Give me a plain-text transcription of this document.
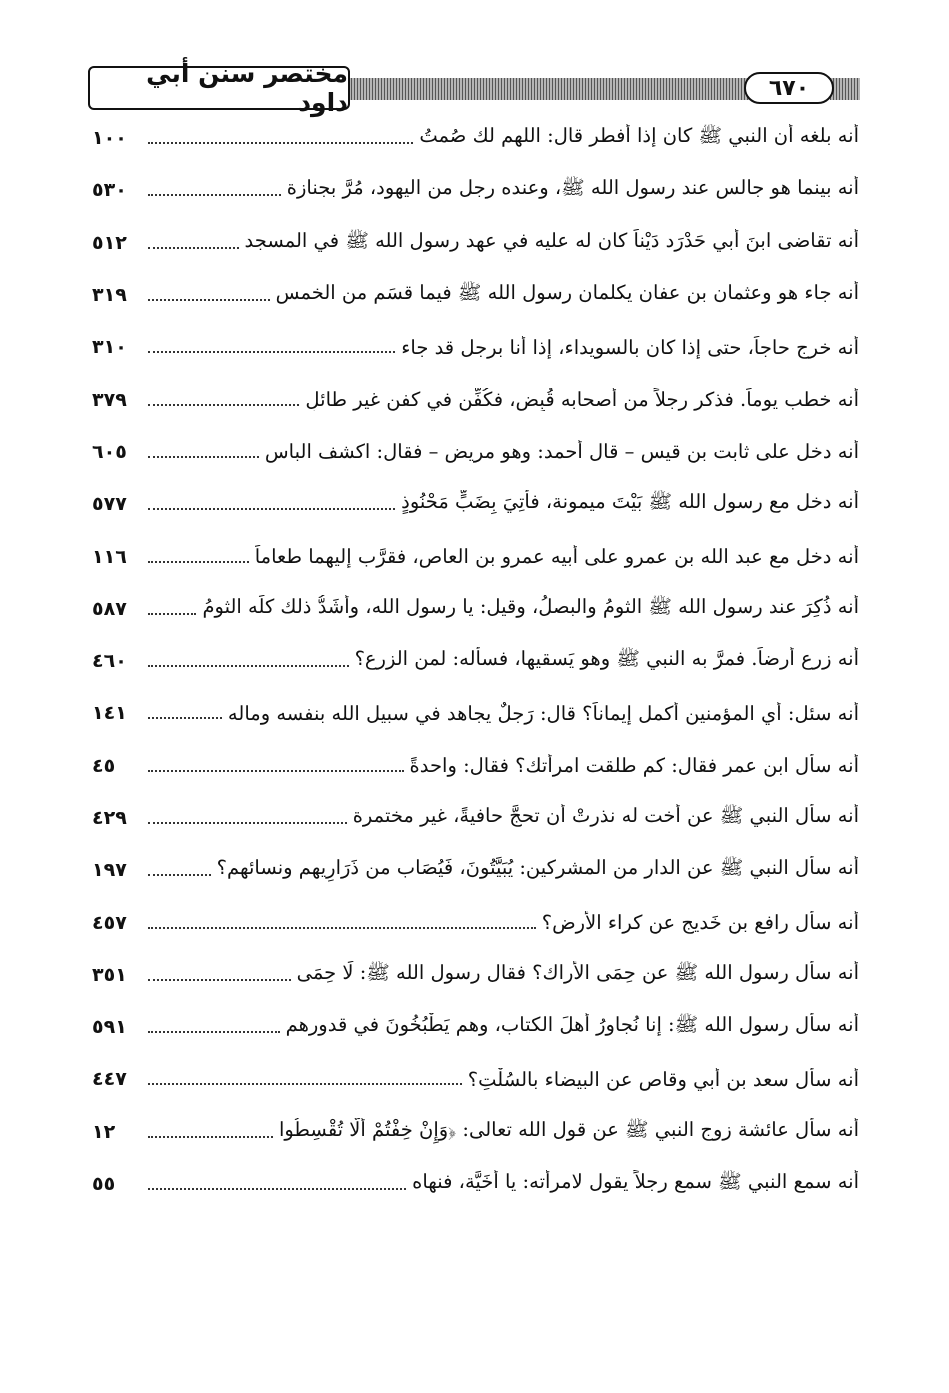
مختصر سنن أبي داود	٦٧٠
أنه بلغه أن النبي ﷺ كان إذا أفطر قال: اللهم لك صُمتُ
١٠٠
أنه بينما هو جالس عند رسول الله ﷺ، وعنده رجل من اليهود، مُرَّ بجنازة
٥٣٠
أنه تقاضى ابنَ أبي حَدْرَد دَيْناً كان له عليه في عهد رسول الله ﷺ في المسجد
٥١٢
أنه جاء هو وعثمان بن عفان يكلمان رسول الله ﷺ فيما قسَم من الخمس
٣١٩
أنه خرج حاجاً، حتى إذا كان بالسويداء، إذا أنا برجل قد جاء
٣١٠
أنه خطب يوماً. فذكر رجلاً من أصحابه قُبِض، فكُفِّن في كفنٍ غير طائلٍ
٣٧٩
أنه دخل على ثابت بن قيس – قال أحمد: وهو مريض – فقال: اكشف الباس
٦٠٥
أنه دخل مع رسول الله ﷺ بَيْتَ ميمونة، فأُتِيَ بِضَبٍّ مَحْنُوذٍ
٥٧٧
أنه دخل مع عبد الله بن عمرو على أبيه عمرو بن العاص، فقرَّب إليهما طعاماً
١١٦
أنه ذُكِرَ عند رسول الله ﷺ الثومُ والبصلُ، وقيل: يا رسول الله، وأَشَدُّ ذلك كلِّه الثومُ
٥٨٧
أنه زرع أرضاً. فمرَّ به النبي ﷺ وهو يَسقيها، فسأله: لمن الزرع؟
٤٦٠
أنه سئل: أي المؤمنين أكمل إيماناً؟ قال: رَجلٌ يجاهد في سبيل الله بنفسه وماله
١٤١
أنه سأل ابن عمر فقال: كم طلقت امرأتك؟ فقال: واحدةً
٤٥
أنه سأل النبي ﷺ عن أخت له نذرتْ أن تحجَّ حافيةً، غير مختمرة
٤٢٩
أنه سأل النبي ﷺ عن الدار من المشركين: يُبَيَّتُونَ، فَيُصَاب من ذَرَارِيهم ونسائهم؟
١٩٧
أنه سأل رافع بن خَديج عن كراء الأرض؟
٤٥٧
أنه سأل رسول الله ﷺ عن حِمَى الأراك؟ فقال رسول الله ﷺ: لَا حِمَى
٣٥١
أنه سأل رسول الله ﷺ: إنا نُجاورُ أهلَ الكتاب، وهم يَطْبُخُونَ في قدورهم
٥٩١
أنه سأل سعد بن أبي وقاص عن البيضاء بالسُلْتِ؟
٤٤٧
أنه سأل عائشة زوج النبي ﷺ عن قول الله تعالى: ﴿وَإِنْ خِفْتُمْ أَلَّا تُقْسِطُوا
١٢
أنه سمع النبي ﷺ سمع رجلاً يقول لامرأته: يا أُخَيَّة، فنهاه
٥٥
